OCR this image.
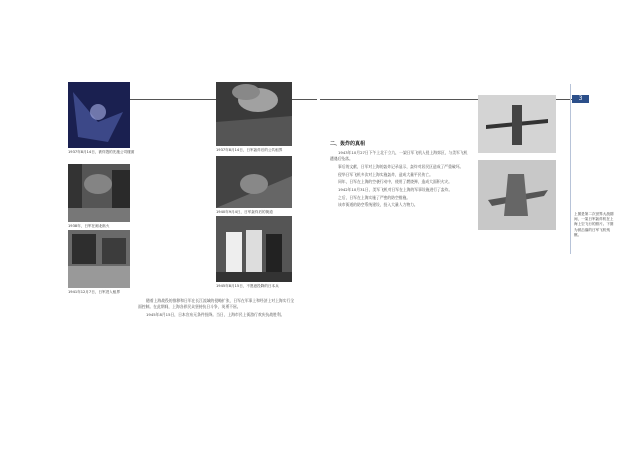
1937年8月14日，被炸毁的先施公司楼面	1937年8月14日，日军轰炸后的公共租界
1938年，日军在闸北纵火
1940年9月4日，日军轰炸后的街道
1941年12月7日，日军进入租界
1945年8月15日，不愿意投降的日本兵

随着上海战役的推移和日军在长江流域的侵略扩张，日军在军事上和经济上对上海实行全面控制。在此期间，上海各界民众坚持抗日斗争，英勇不屈。

1945年8月15日，日本宣布无条件投降。当日，上海市民上街游行欢庆抗战胜利。

3
二、轰炸的真相

1943年10月27日下午上北于立九，一架日军飞机入侵上海郊区，与美军飞机遭遇后坠落。

事后的文献，日军对上海的轰炸记录显示，轰炸对居民区造成了严重破坏。

侵华日军飞机多次对上海实施轰炸，造成大量平民伤亡。

同年，日军在上海的空袭行动中，使用了燃烧弹，造成大面积火灾。

1942年10月31日，美军飞机对日军在上海的军事设施进行了轰炸。

之后，日军在上海实施了严密的防空措施。

该市街道的防空系统建设，投入大量人力物力。

上图是第二次世界大战期间，一架日军轰炸机在上海上空飞行的照片。下图为被击落的日军飞机残骸。
